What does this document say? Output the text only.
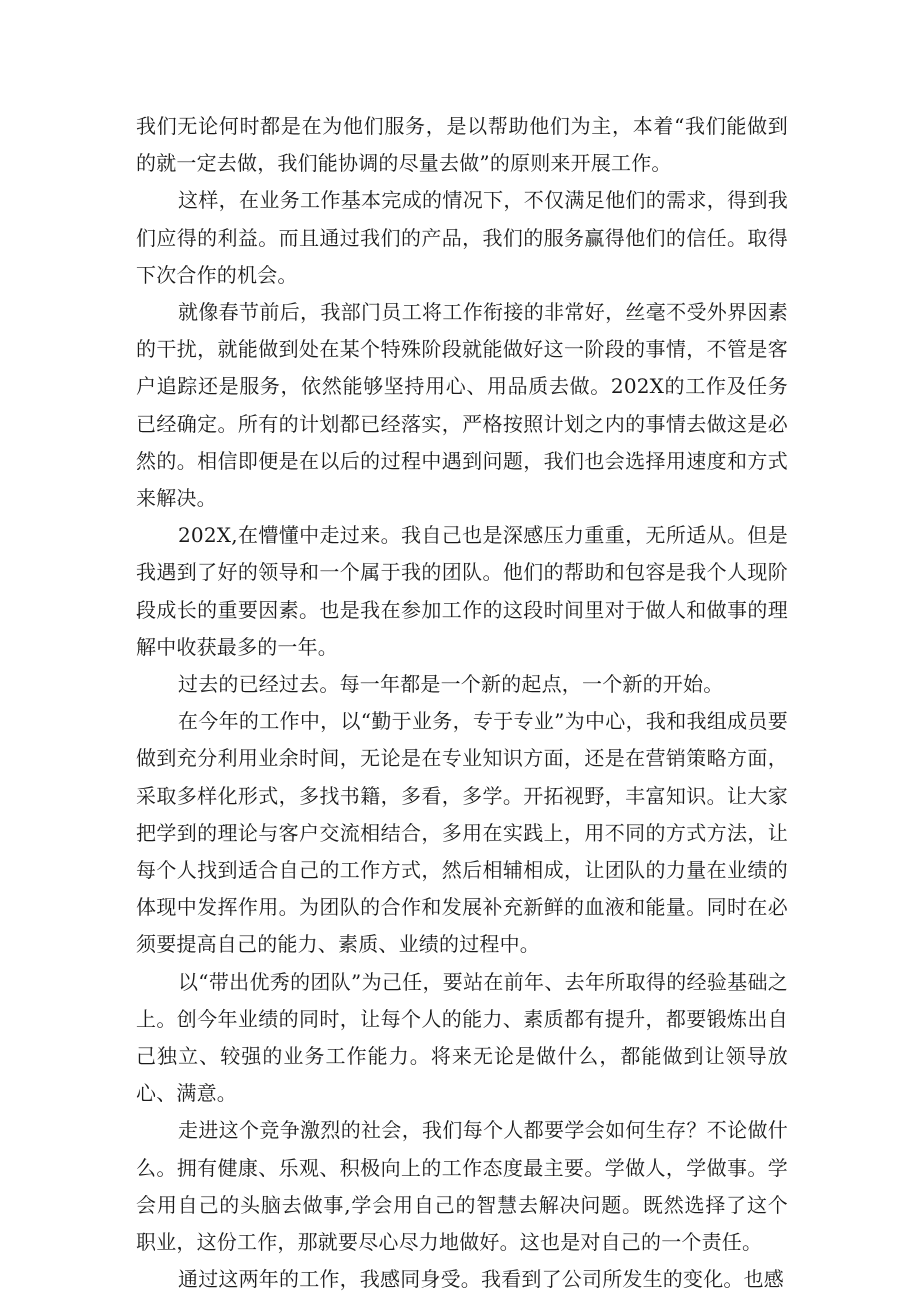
我们无论何时都是在为他们服务，是以帮助他们为主，本着“我们能做到的就一定去做，我们能协调的尽量去做”的原则来开展工作。

这样，在业务工作基本完成的情况下，不仅满足他们的需求，得到我们应得的利益。而且通过我们的产品，我们的服务赢得他们的信任。取得下次合作的机会。

就像春节前后，我部门员工将工作衔接的非常好，丝毫不受外界因素的干扰，就能做到处在某个特殊阶段就能做好这一阶段的事情，不管是客户追踪还是服务，依然能够坚持用心、用品质去做。202X的工作及任务已经确定。所有的计划都已经落实，严格按照计划之内的事情去做这是必然的。相信即便是在以后的过程中遇到问题，我们也会选择用速度和方式来解决。

202X,在懵懂中走过来。我自己也是深感压力重重，无所适从。但是我遇到了好的领导和一个属于我的团队。他们的帮助和包容是我个人现阶段成长的重要因素。也是我在参加工作的这段时间里对于做人和做事的理解中收获最多的一年。

过去的已经过去。每一年都是一个新的起点，一个新的开始。

在今年的工作中，以“勤于业务，专于专业”为中心，我和我组成员要做到充分利用业余时间，无论是在专业知识方面，还是在营销策略方面，采取多样化形式，多找书籍，多看，多学。开拓视野，丰富知识。让大家把学到的理论与客户交流相结合，多用在实践上，用不同的方式方法，让每个人找到适合自己的工作方式，然后相辅相成，让团队的力量在业绩的体现中发挥作用。为团队的合作和发展补充新鲜的血液和能量。同时在必须要提高自己的能力、素质、业绩的过程中。

以“带出优秀的团队”为己任，要站在前年、去年所取得的经验基础之上。创今年业绩的同时，让每个人的能力、素质都有提升，都要锻炼出自己独立、较强的业务工作能力。将来无论是做什么，都能做到让领导放心、满意。

走进这个竞争激烈的社会，我们每个人都要学会如何生存？不论做什么。拥有健康、乐观、积极向上的工作态度最主要。学做人，学做事。学会用自己的头脑去做事,学会用自己的智慧去解决问题。既然选择了这个职业，这份工作，那就要尽心尽力地做好。这也是对自己的一个责任。

通过这两年的工作，我感同身受。我看到了公司所发生的变化。也感
